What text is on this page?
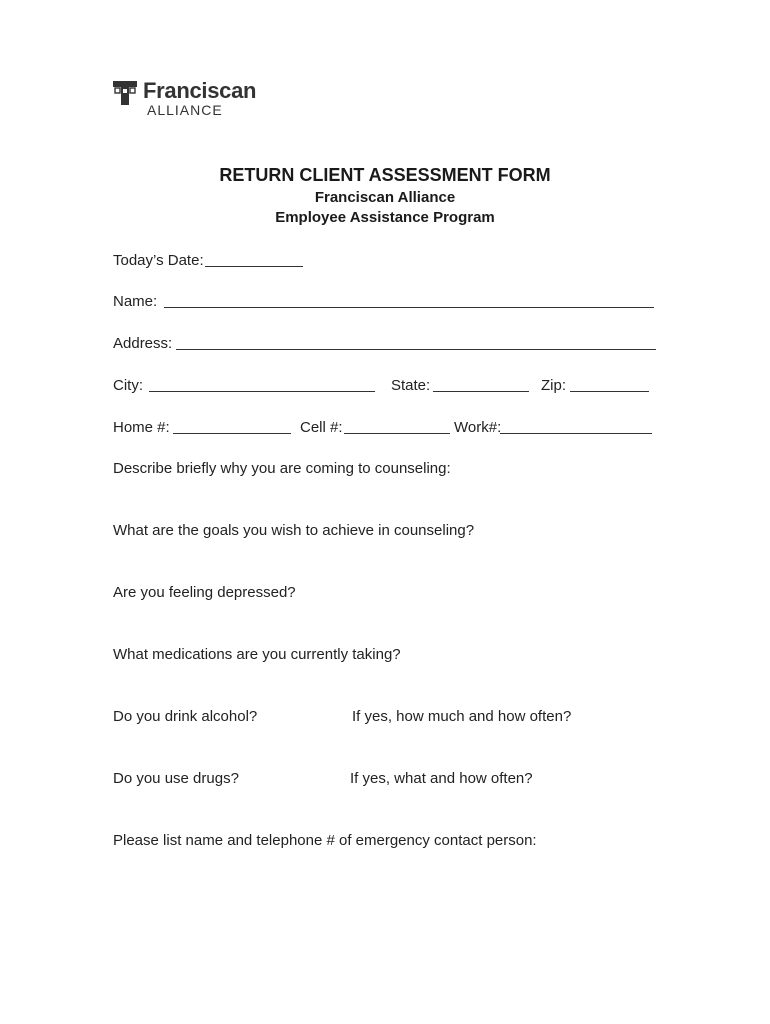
Franciscan
ALLIANCE
RETURN CLIENT ASSESSMENT FORM
Franciscan Alliance
Employee Assistance Program
Today’s Date:
Name:
Address:
City:	State:	Zip:
Home #:	Cell #:	Work#:
Describe briefly why you are coming to counseling:
What are the goals you wish to achieve in counseling?
Are you feeling depressed?
What medications are you currently taking?
Do you drink alcohol?	If yes, how much and how often?
Do you use drugs?	If yes, what and how often?
Please list name and telephone # of emergency contact person:
